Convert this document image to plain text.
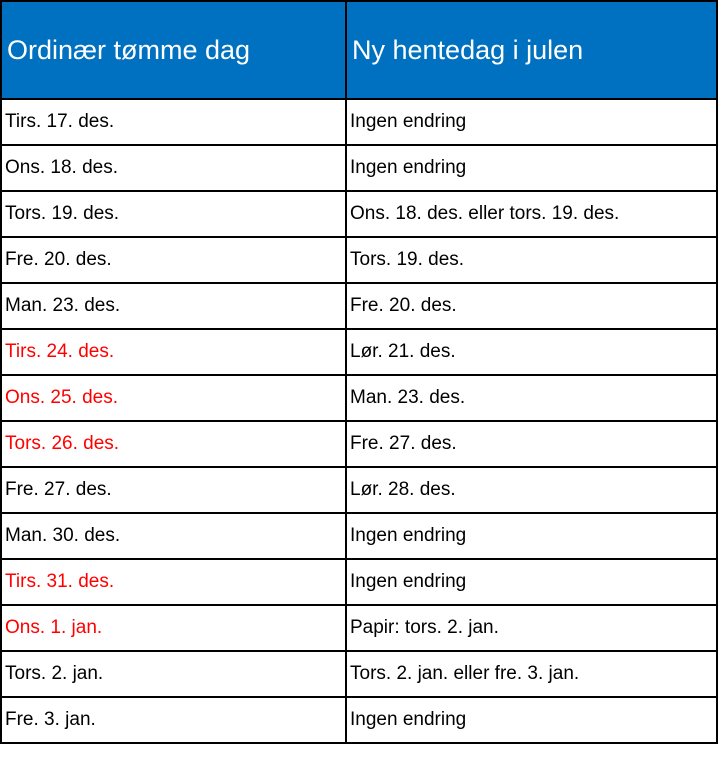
Ordinær tømme dag	Ny hentedag i julen
Tirs. 17. des.	Ingen endring
Ons. 18. des.	Ingen endring
Tors. 19. des.	Ons. 18. des. eller tors. 19. des.
Fre. 20. des.	Tors. 19. des.
Man. 23. des.	Fre. 20. des.
Tirs. 24. des.	Lør. 21. des.
Ons. 25. des.	Man. 23. des.
Tors. 26. des.	Fre. 27. des.
Fre. 27. des.	Lør. 28. des.
Man. 30. des.	Ingen endring
Tirs. 31. des.	Ingen endring
Ons. 1. jan.	Papir: tors. 2. jan.
Tors. 2. jan.	Tors. 2. jan. eller fre. 3. jan.
Fre. 3. jan.	Ingen endring
